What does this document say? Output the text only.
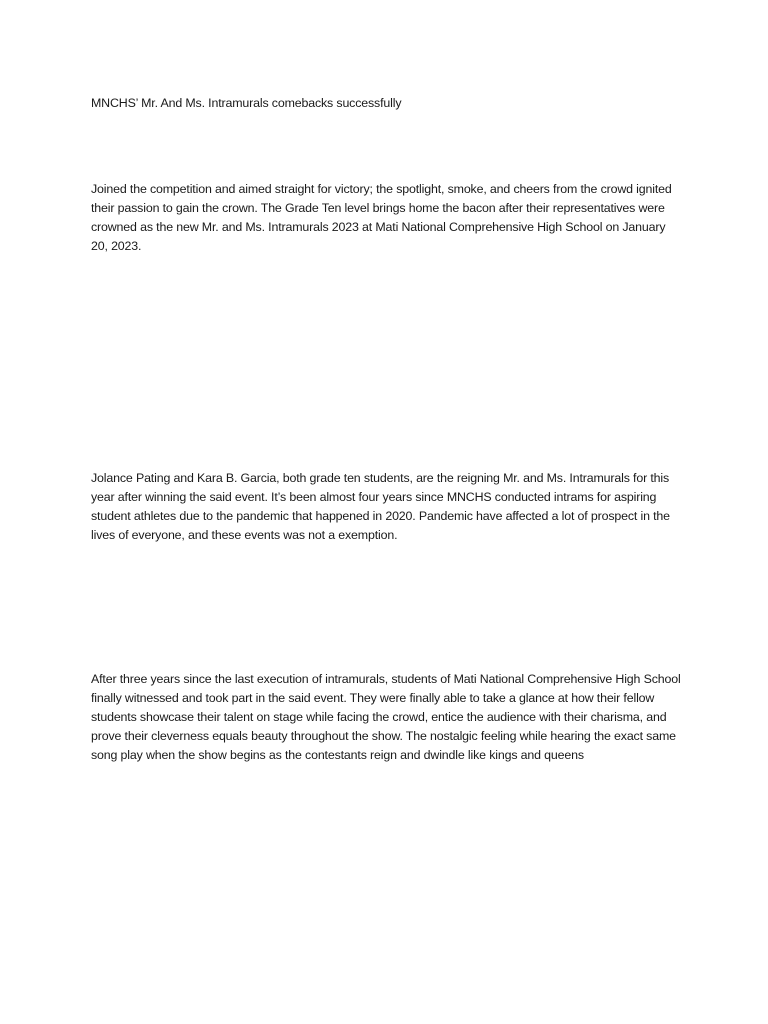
MNCHS’ Mr. And Ms. Intramurals comebacks successfully

Joined the competition and aimed straight for victory; the spotlight, smoke, and cheers from the crowd ignited their passion to gain the crown. The Grade Ten level brings home the bacon after their representatives were crowned as the new Mr. and Ms. Intramurals 2023 at Mati National Comprehensive High School on January 20, 2023.

Jolance Pating and Kara B. Garcia, both grade ten students, are the reigning Mr. and Ms. Intramurals for this year after winning the said event. It’s been almost four years since MNCHS conducted intrams for aspiring student athletes due to the pandemic that happened in 2020. Pandemic have affected a lot of prospect in the lives of everyone, and these events was not a exemption.

After three years since the last execution of intramurals, students of Mati National Comprehensive High School finally witnessed and took part in the said event. They were finally able to take a glance at how their fellow students showcase their talent on stage while facing the crowd, entice the audience with their charisma, and prove their cleverness equals beauty throughout the show. The nostalgic feeling while hearing the exact same song play when the show begins as the contestants reign and dwindle like kings and queens
